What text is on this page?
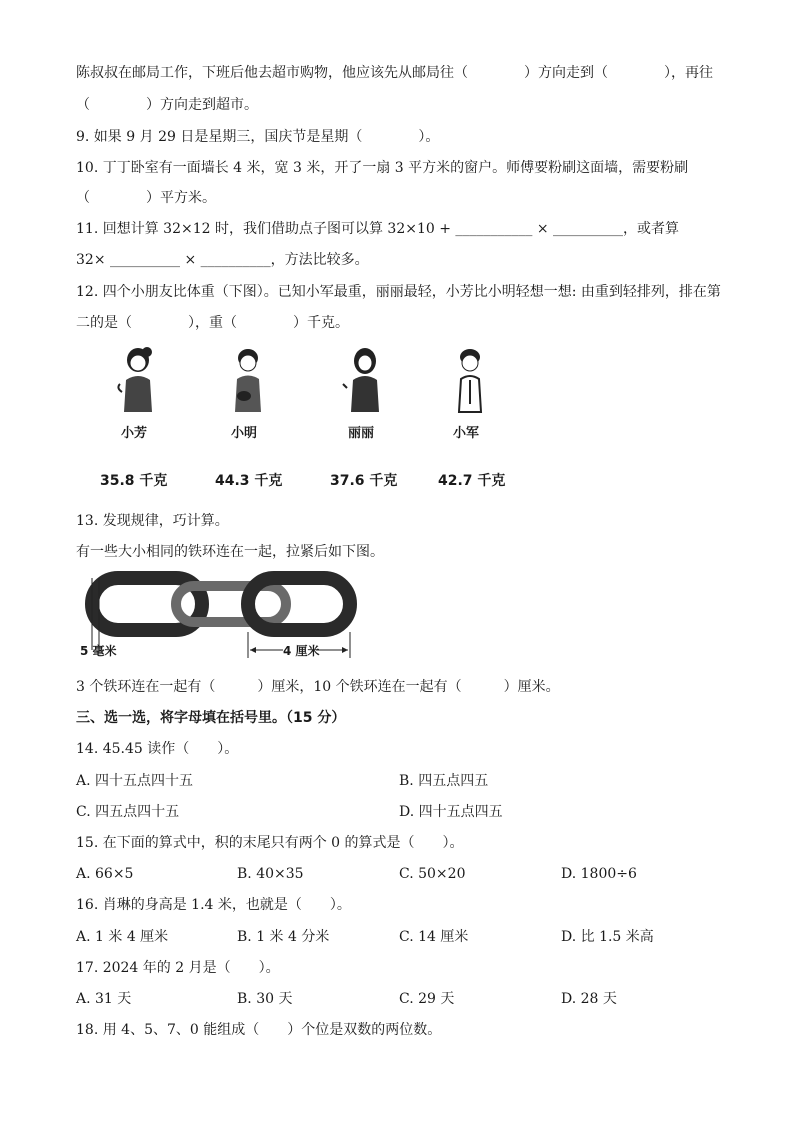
陈叔叔在邮局工作，下班后他去超市购物，他应该先从邮局往（　　　　）方向走到（　　　　），再往
（　　　　）方向走到超市。
9. 如果 9 月 29 日是星期三，国庆节是星期（　　　　）。
10. 丁丁卧室有一面墙长 4 米，宽 3 米，开了一扇 3 平方米的窗户。师傅要粉刷这面墙，需要粉刷
（　　　　）平方米。
11. 回想计算 32×12 时，我们借助点子图可以算 32×10 + ___________ × __________，或者算
32× __________ × __________，方法比较多。
12. 四个小朋友比体重（下图）。已知小军最重，丽丽最轻，小芳比小明轻想一想: 由重到轻排列，排在第
二的是（　　　　），重（　　　　）千克。
小芳	小明	丽丽	小军
35.8 千克	44.3 千克	37.6 千克	42.7 千克
13. 发现规律，巧计算。
有一些大小相同的铁环连在一起，拉紧后如下图。
5 毫米	4 厘米
3 个铁环连在一起有（　　　）厘米，10 个铁环连在一起有（　　　）厘米。
三、选一选，将字母填在括号里。（15 分）
14. 45.45 读作（　　）。
A. 四十五点四十五	B. 四五点四五
C. 四五点四十五	D. 四十五点四五
15. 在下面的算式中，积的末尾只有两个 0 的算式是（　　）。
A. 66×5	B. 40×35	C. 50×20	D. 1800÷6
16. 肖琳的身高是 1.4 米，也就是（　　）。
A. 1 米 4 厘米	B. 1 米 4 分米	C. 14 厘米	D. 比 1.5 米高
17. 2024 年的 2 月是（　　）。
A. 31 天	B. 30 天	C. 29 天	D. 28 天
18. 用 4、5、7、0 能组成（　　）个位是双数的两位数。
